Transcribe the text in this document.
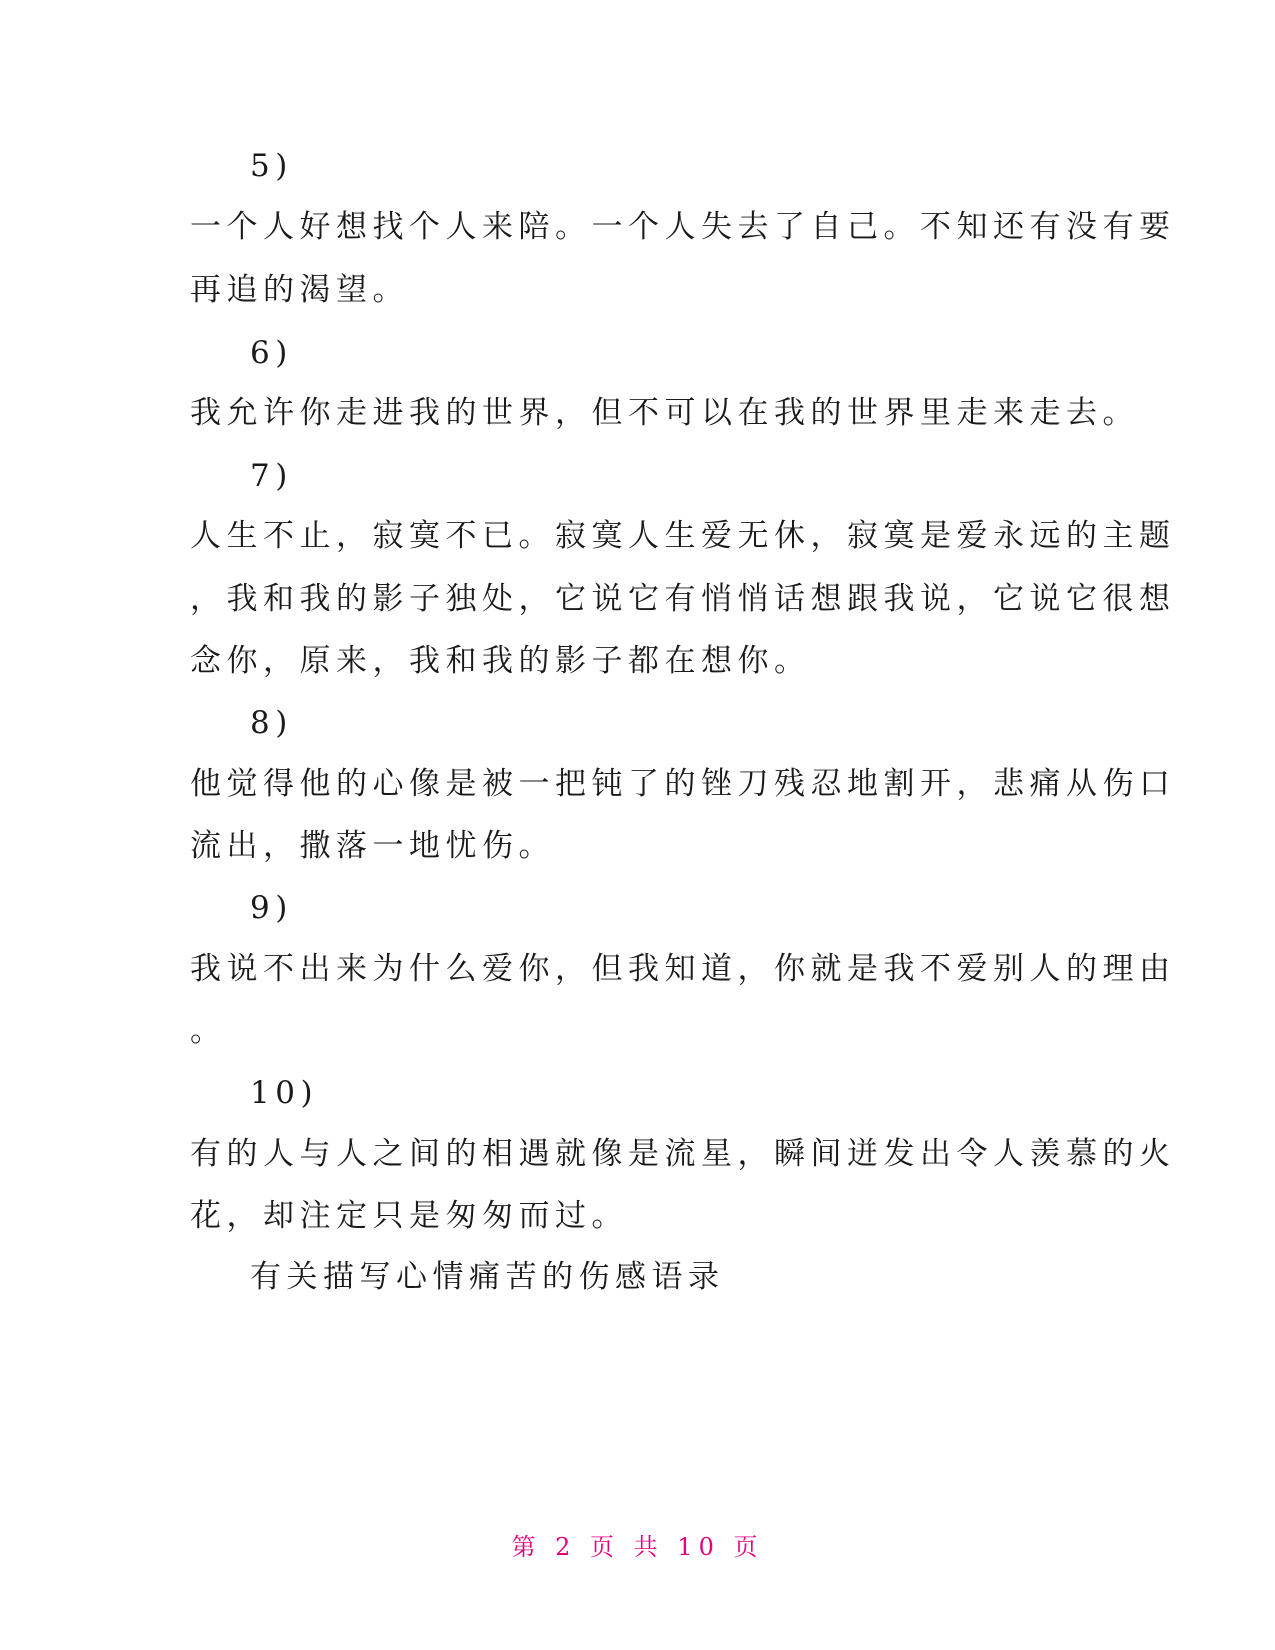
5)
一个人好想找个人来陪。一个人失去了自己。不知还有没有要
再追的渴望。
6)
我允许你走进我的世界，但不可以在我的世界里走来走去。
7)
人生不止，寂寞不已。寂寞人生爱无休，寂寞是爱永远的主题
，我和我的影子独处，它说它有悄悄话想跟我说，它说它很想
念你，原来，我和我的影子都在想你。
8)
他觉得他的心像是被一把钝了的锉刀残忍地割开，悲痛从伤口
流出，撒落一地忧伤。
9)
我说不出来为什么爱你，但我知道，你就是我不爱别人的理由
。
10)
有的人与人之间的相遇就像是流星，瞬间迸发出令人羡慕的火
花，却注定只是匆匆而过。
有关描写心情痛苦的伤感语录
第 2 页 共 10 页
